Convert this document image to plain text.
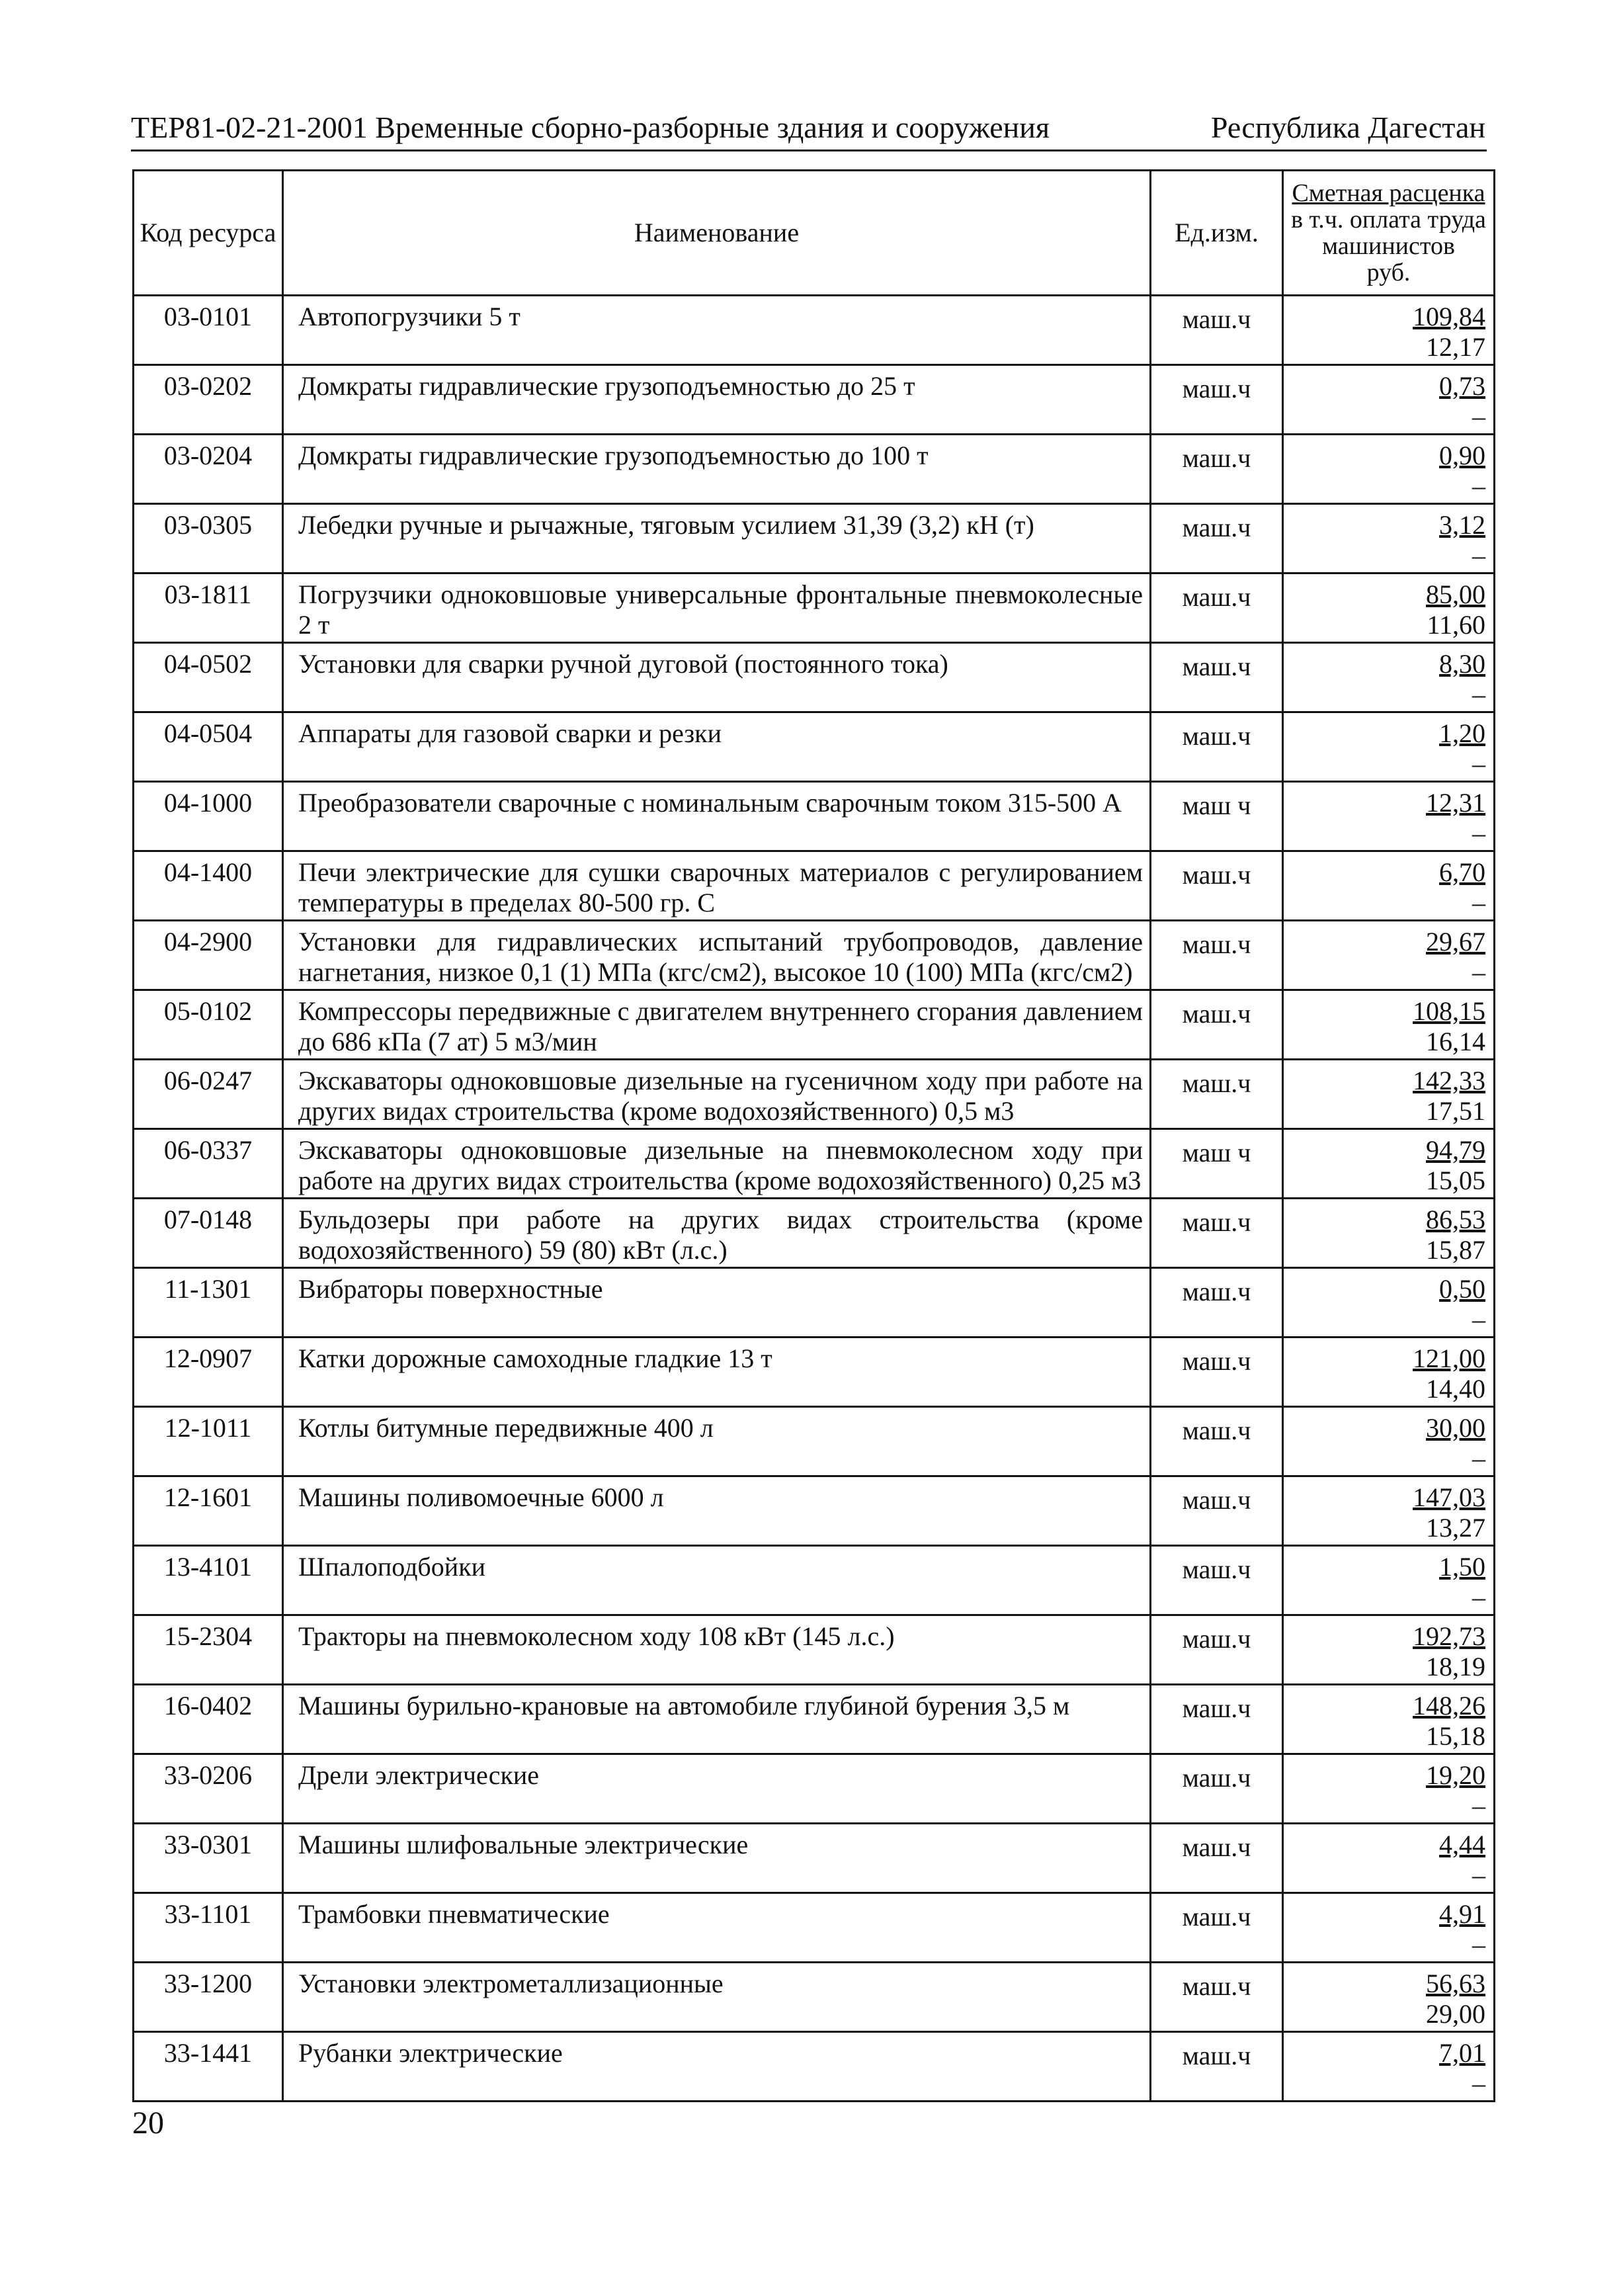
ТЕР81-02-21-2001 Временные сборно-разборные здания и сооружения	Республика Дагестан
Код ресурса	Наименование	Ед.изм.	Сметная расценка
в т.ч. оплата труда машинистов
руб.

03-0101	Автопогрузчики 5 т	маш.ч	109,84
12,17

03-0202	Домкраты гидравлические грузоподъемностью до 25 т	маш.ч	0,73
–

03-0204	Домкраты гидравлические грузоподъемностью до 100 т	маш.ч	0,90
–

03-0305	Лебедки ручные и рычажные, тяговым усилием 31,39 (3,2) кН (т)	маш.ч	3,12
–

03-1811	Погрузчики одноковшовые универсальные фронтальные пневмоколесные 2 т	маш.ч	85,00
11,60

04-0502	Установки для сварки ручной дуговой (постоянного тока)	маш.ч	8,30
–

04-0504	Аппараты для газовой сварки и резки	маш.ч	1,20
–

04-1000	Преобразователи сварочные с номинальным сварочным током 315-500 А	маш ч	12,31
–

04-1400	Печи электрические для сушки сварочных материалов с регулированием температуры в пределах 80-500 гр. С	маш.ч	6,70
–

04-2900	Установки для гидравлических испытаний трубопроводов, давление нагнетания, низкое 0,1 (1) МПа (кгс/см2), высокое 10 (100) МПа (кгс/см2)	маш.ч	29,67
–

05-0102	Компрессоры передвижные с двигателем внутреннего сгорания давлением до 686 кПа (7 ат) 5 м3/мин	маш.ч	108,15
16,14

06-0247	Экскаваторы одноковшовые дизельные на гусеничном ходу при работе на других видах строительства (кроме водохозяйственного) 0,5 м3	маш.ч	142,33
17,51

06-0337	Экскаваторы одноковшовые дизельные на пневмоколесном ходу при работе на других видах строительства (кроме водохозяйственного) 0,25 м3	маш ч	94,79
15,05

07-0148	Бульдозеры при работе на других видах строительства (кроме водохозяйственного) 59 (80) кВт (л.с.)	маш.ч	86,53
15,87

11-1301	Вибраторы поверхностные	маш.ч	0,50
–

12-0907	Катки дорожные самоходные гладкие 13 т	маш.ч	121,00
14,40

12-1011	Котлы битумные передвижные 400 л	маш.ч	30,00
–

12-1601	Машины поливомоечные 6000 л	маш.ч	147,03
13,27

13-4101	Шпалоподбойки	маш.ч	1,50
–

15-2304	Тракторы на пневмоколесном ходу 108 кВт (145 л.с.)	маш.ч	192,73
18,19

16-0402	Машины бурильно-крановые на автомобиле глубиной бурения 3,5 м	маш.ч	148,26
15,18

33-0206	Дрели электрические	маш.ч	19,20
–

33-0301	Машины шлифовальные электрические	маш.ч	4,44
–

33-1101	Трамбовки пневматические	маш.ч	4,91
–

33-1200	Установки электрометаллизационные	маш.ч	56,63
29,00

33-1441	Рубанки электрические	маш.ч	7,01
–
20
